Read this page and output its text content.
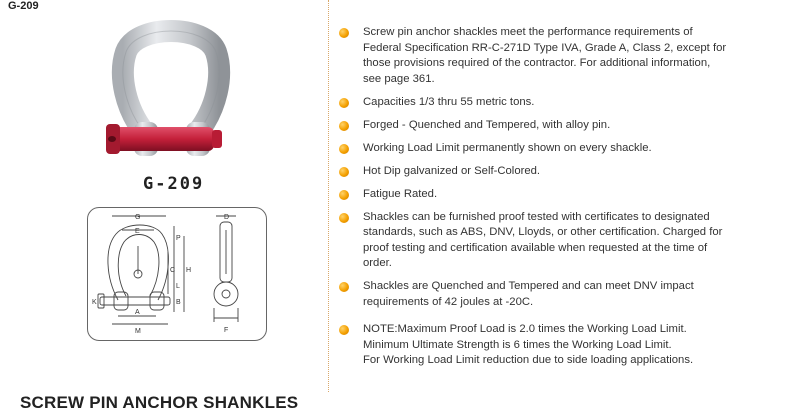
G-209
G-209
G
E
P
D
C H
L
B
A
M
K
F
Screw pin anchor shackles meet the performance requirements of
Federal Specification RR-C-271D Type IVA, Grade A, Class 2, except for
those provisions required of the contractor. For additional information,
see page 361.
Capacities 1/3 thru 55 metric tons.
Forged - Quenched and Tempered, with alloy pin.
Working Load Limit permanently shown on every shackle.
Hot Dip galvanized or Self-Colored.
Fatigue Rated.
Shackles can be furnished proof tested with certificates to designated
standards, such as ABS, DNV, Lloyds, or other certification. Charged for
proof testing and certification available when requested at the time of
order.
Shackles are Quenched and Tempered and can meet DNV impact
requirements of 42 joules at -20C.
NOTE:Maximum Proof Load is 2.0 times the Working Load Limit.
Minimum Ultimate Strength is 6 times the Working Load Limit.
For Working Load Limit reduction due to side loading applications.
SCREW PIN ANCHOR SHANKLES
